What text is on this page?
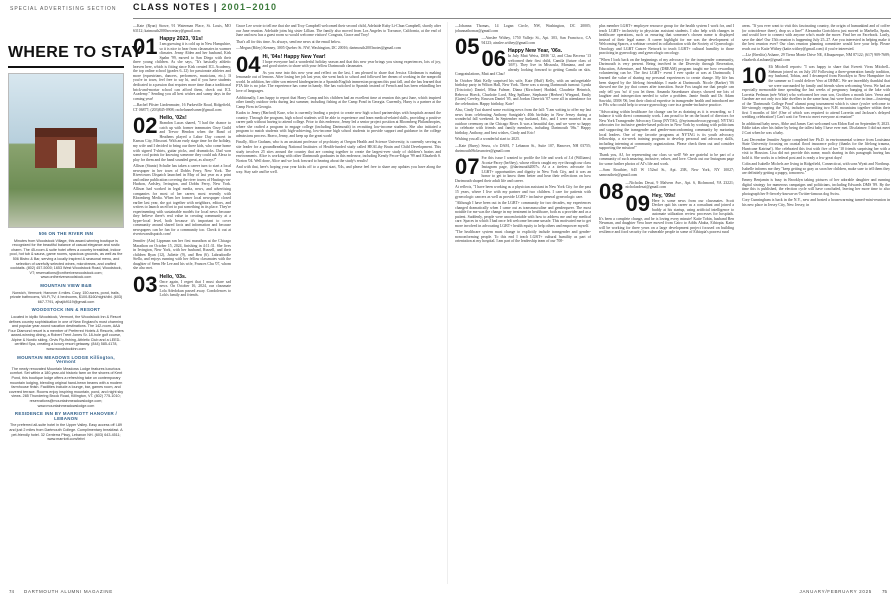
SPECIAL ADVERTISING SECTION CLASS NOTES | 2001–2010
WHERE TO STAY
506 ON THE RIVER INN
Minutes from Woodstock Village, this award-winning boutique is recognized for the beautiful balance of casual elegance and rustic charm. The 45-room & suite hotel offers a country breakfast, indoor pool, hot tub & sauna, game rooms, spacious grounds, as well as the 506 Bistro & Bar, serving a locally inspired & seasonal menu, and selection of carefully selected wines, microbrews, and crafted cocktails. (802) 457-5000; 1653 West Woodstock Road, Woodstock, VT; reservations@ontheriverwoodstock.com; www.ontheriverwoodstock.com
MOUNTAIN VIEW B&B
Norwich, Vermont; Hanover 4 miles. Cozy, 150 acres, pond, trails, private bathrooms, Wi-Fi,TV, 4 bedrooms, $100-$160/night/dbl. (603) 667-7791, ajhajik9119@gmail.com
WOODSTOCK INN & RESORT
Located in idyllic Woodstock, Vermont, the Woodstock Inn & Resort defines country sophistication in one of New England's most charming and popular year-round vacation destinations. The 142-room, AAA Four Diamond resort is a member of Preferred Hotels & Resorts, offers award-winning dining, a Robert Trent Jones Sr. 18-hole golf course, Alpine & Nordic skiing, Orvis Fly-fishing, Athletic Club and a LEED-certified Spa, creating a luxury resort getaway. (844) 585-4178, www.woodstockinn.com
MOUNTAIN MEADOWS LODGE Killington, Vermont
The newly renovated Mountain Meadows Lodge features luxurious comfort. Set within a 180-year-old historic farm on the shores of Kent Pond, this boutique lodge offers a refreshing take on contemporary mountain lodging, blending original hand-hewn beams with a modern farmhouse finish. Facilities include a lounge, bar, games room, and covered terrace. Rooms enjoy inspiring mountain, pond, and night sky views. 285 Thundering Brook Road, Killington, VT. (802) 775-1010; reservations@mountainmeadowslodge.com; www.mountainmeadowslodge.com
RESIDENCE INN BY MARRIOTT HANOVER / LEBANON
The preferred all-suite hotel in the Upper Valley. Easy access off I-89 and just 2 miles from Dartmouth College. Complimentary breakfast. A pet-friendly hotel. 32 Centerra Pkwy, Lebanon NH. (603) 643-4511; www.marriott.com/lebri

—Kate (Ryan) Stowe, 91 Waterman Place, St. Louis, MO 63112; katmouth2000secretary@gmail.com

01 Happy 2023, '01s!

I am guessing it is cold up in New Hampshire, so it is nice to hear from classmates in warmer climates. Jenny Alden and her husband, Kirk Spahn '99, moved to San Diego with their three young children. As she says, "It's basically athletic heaven here, which is fitting since Kirk created ICL Academy, the top online school (grades 6–12) for passionate athletes and more (equestrians, dancers, performers, musicians, etc.). If you're in town, feel free to say hi, and if you have students dedicated to a passion that requires more time than a traditional brick-and-mortar school can afford them, check out ICL Academy." Sending you all best wishes and sunny days in the coming year!

—Rachel Pfister Lindenmaier, 16 Parkeville Road, Ridgefield, CT 06877; (203)845-0908; rachelannelsoner@gmail.com

02 Hello, '02s!

Brandon Lucas shared, "I had the chance to catch up with former teammates Ozzy Guild and Trevor Hendon when the Band of Heathens played a Labor Day concert in Kansas City, Missouri. With an early stage time for the holiday, my wife and I decided to bring our three kids, who come home with signed T-shirts, guitar picks, and drumsticks. Dad won some cool points for knowing someone they could ask Alexa to play for them and the band sounded great, as always!"

Allison (Stuntz) Schulte has taken a career turn to start a local newspaper in her town of Dobbs Ferry, New York. The Rivertowns Dispatch launched in May of last year as a print and online publication covering the river towns of Hastings-on-Hudson, Ardsley, Irvington, and Dobbs Ferry, New York. Allison had worked in legal media, news, and advertising companies for most of her career, most recently with Bloomberg Media. When her former local newspaper closed earlier last year, she got together with neighbors, editors, and writers to launch an effort to put something in its place. They're experimenting with sustainable models for local news because they believe there's real value in creating community at a hyper-local level, both because it's important to cover community around shared facts and information and because newspapers can be fun for a community too. Check it out at rivertownsdispatch.com!

Jennifer (Ain) Lippman ran her first marathon at the Chicago Marathon on October 15, 2024, finishing in 4:11:31. She lives in Irvington, New York, with her husband, Russell, and their children Ryan (12), Juliette (9), and Ben (6). Labradoodle Stella, and enjoys running with her fellow classmates with the daughter of Seem He Lee and his wife, Frances Chu '07, whom she also met.

03 Hello, '03s.

Once again, I regret that I must share sad news. On October 16, 2024, our classmate Lola Adedokun passed away. Condolences to Lola's family and friends.

Grace Lee wrote to tell me that she and Troy Campbell welcomed their second child, Adelaide Ruby Li-Chun Campbell, shortly after our June reunion. Adelaide joins big sister Lillian. The family also moved from Los Angeles to Torrance, California, at the end of June and now has a guest room so would welcome visitors! Congrats, Grace and Troy!

That's all for this time. As always, send me news at the email below.

—Megan (Riley) Kenney, 3005 Quebec St. NW, Washington, DC 20016; dartmouth2003notes@gmail.com

04 Hi, '04s! Happy New Year!

I hope everyone had a wonderful holiday season and that this new year brings you strong experiences, lots of joy, and good stories to share with your fellow Dartmouth classmates.

As you ease into this new year and reflect on the last, I am pleased to share that Jessica Glodzman is making lemonade out of lemons. After losing her job last year, she went back to school and followed her dream of working in the nonprofit world. In addition, her older son entered kindergarten in a Spanish/English immersion program this past fall, and she has learned that PTA life is no joke. The experience has come in handy. She has switched to Spanish instead of French and has been rekindling her love of languages.

Additionally, I am happy to report that Harry Camp and his children had an excellent time at reunion this past June, which inspired other family outdoor treks during last summer, including fishing at the Camp Pond in Georgia. Currently, Harry is a partner at the Camp Firm in Georgia.

Kudos to Jenny (Harford) Kase, who is currently leading a project to create new high school partnerships with hospitals around the country. Through the program, high school students will be able to experience and learn medical-related skills, providing a positive career path without having to attend college. Prior to this endeavor, Jenny led a senior project position at Bloomberg Philanthropies, where she crafted a program to engage college (including Dartmouth) in recruiting low-income students. She also initiated a program to match students with high-achieving, low-income high school students to provide support and guidance in the college admissions process. Bravo, Jenny, and keep up the great work!

Finally, Alice Graham, who is an assistant professor of psychiatry at Oregon Health and Science University, is currently serving as site leader for a groundbreaking National Institutes of Health-funded study called HEALthy Brain and Child Development. This study involves 25 sites around the country that are coming together to create the largest-ever study of children's brains and environments. Alice is working with other Dartmouth graduates in this endeavor, including Kendy Pecoe-Edgar '99 and Elizabeth S. Norton '04. Well done, Alice and we look forward to hearing about the study's results!

And with that, here's hoping your year kicks off to a great start, '04s, and please feel free to share any updates you have along the way. Stay safe and be well.

—Johanna Thomas, 14 Logan Circle, NW, Washington, DC 20005; johannathomas@gmail.com

05 —Ainslee Withey, 1750 Vallejo St., Apt. 303, San Francisco, CA 94123; ainslee.withey@gmail.com

06 Happy New Year, '06s.

In July Matt Weiss, DMS '12, and Clau Becerra '13 welcomed their first child, Camila (future class of '46?!). They live in Missoula, Montana, and are already looking forward to getting Camila on skis. Congratulations, Matt and Clau!

In October Matt Kelly surprised his wife, Kate (Huff) Kelly, with an unforgettable birthday party in Wilton Hall, New York. There was a strong Dartmouth turnout: Lynda (Trisciotto) Daniel, Mina Fulmer, Diana (Kirschner) Haddad, Claudette Heinrich, Rebecca Hoeck, Charlotte Lord, Meg Spillane, Stephanie (Herbert) Wiegand, Emily (Gates) Creeley, Rawson Daniel '05, and Jordan Cherrick '07 were all in attendance for the celebration. Happy birthday, Kate!

Also, Cindy Tsai shared some exciting news from the fall: "I am writing to offer my last news from celebrating Anthony Sanigiale's 40th birthday in New Jersey during a wonderful fall weekend. In September my husband, Eric, and I were married in an outdoor ceremony on the Chicago River. It was a beautiful day, and we were so happy to celebrate with friends and family members, including Dartmouth '06s." Happy birthday, Anthony, and best wishes, Cindy and Eric!

Wishing you all a wonderful start to 2025.

—Kate (Barry) Seuss, c/o DAM, 7 Lebanon St., Suite 107, Hanover, NH 03755; dartmouth06classnotes@gmail.com

07 For this issue I wanted to profile the life and work of J.d (Williams) Acosta-Pacey (he/they), whose efforts caught my eye through our class Instagram page, @dartmouth2007s. At a a tireless advocate for LGBT+ opportunities and dignity in New York City, and it was an honor to get to know them better and hear their reflections on how Dartmouth shaped their adult life and career.

At reflects, "I have been working as a physician assistant in New York City for the past 15 years, where I live with my partner and two children. I care for patients with gynecologic cancers as well as provide LGBT+ inclusive general gynecologic care.

"Although I have been out in the LGBT+ community for two decades, my experiences changed dramatically when I came out as transmasculine and genderqueer. The most notable for me was the change in my treatment in healthcare, both as a provider and as a patient. Suddenly, people were uncomfortable with how to address me and my medical care. Spaces in which I had once felt welcome became unsafe. This motivated me to get more involved in advocating LGBT+ health equity to help others and empower myself.

"The healthcare system must change to explicitly include transgender and gender-nonconforming people. To this end I teach LGBT+ cultural humility as part of orientation at my hospital. I am part of the leadership team of our 700-

plus member LGBT+ employee resource group for the health system I work for, and I teach LGBT+ inclusivity to physician assistant students. I also help with changes in healthcare operations, such as ensuring that someone's chosen name is displayed instead of their legal name. A career highlight for me was the development of Welcoming Spaces, a webinar created in collaboration with the Society of Gynecologic Oncology and LGBT Cancer Network to teach LGBT+ cultural humility to those practicing in gynecology and gynecologic oncology.

"When I look back on the beginnings of my advocacy for the transgender community, Dartmouth is very present. Being involved in the Diversity through Recreation, Education, Adventure, and Mentoring (DREAM) program taught me how rewarding volunteering can be. The first LGBT+ event I ever spoke at was at Dartmouth; I learned the value of sharing my personal experiences to create change. My life has been shaped by the lifelong friendships I made at Dartmouth. Nicole (Barker) '06 showed me the joy that comes after transition. Susie Fox taught me that people can only tell you 'no' if you let them. Amanda Sasenbauer always showed me lots of laughter and introspection needed to solve a problem. Jamie Smith and Dr. Adam Sawicki, DMS '06, lent their clinical expertise in transgender health and introduced me to PAs who could help to secure gynecology care in a gender-inclusive practice.

"Advocating within healthcare for change can be as draining as it is rewarding, so I balance it with direct community work. I am proud to be on the board of directors for New York Transgender Advocacy Group (NYTAG, @nytransadvocacygroup). NYTAG advocates for inclusive gender-based policies in New York by working with politicians and supporting the transgender and gender-nonconforming community by nurturing local leaders. One of my favorite programs at NYTAG is its youth advocacy fellowship, a six-week training program to develop personal and advocacy skills, including interning at community organizations. Please check them out and consider supporting the mission!"

Thank you, AJ, for representing our class so well! We are grateful to be part of a community of such amazing, inclusive, values, and love. Check out our Instagram page for some further photos of AJ's life and work.

—Sam Routhier, 645 W 152nd St., Apt. 25B, New York, NY 10027; samroutheir@gmail.com

08 —Nicholas Desai, 9 Malvern Ave., Apt. 6, Richmond, VA 23221; nicholasdesai@gmail.com

09 Hey, '09s!

Here is some news from our classmates. Scott Decker quit his career as a consultant and joined a buddy at his startup, using artificial intelligence to automate utilization review processes for hospitals. It's been a complete change, and he is loving every minute! Katie Tobin, husband Ben Newman, and daughter Vera have moved from Cairo to Addis Ababa, Ethiopia. Katie will be working for three years on a large development project focused on building resilience and food security for vulnerable people in some of Ethiopia's poorest rural

areas. "If you ever want to visit this fascinating country, the origin of humankind and of coffee (or coincidence there), drop us a line!" Alexandra Gortchlova just moved to Marbella, Spain, and would love to connect with anyone who's made the move. Find her on Facebook. Lastly, save the date! Our 15th reunion is happening July 25–27. Are you interested in helping make it the best reunion ever? Our class reunion planning committee would love your help. Please reach out to Katie Withey (katie.withey@gmail.com) if you're interested.

—Liz (Breslitz) Ashane, 29 Tierra Monte Drive NE, Albuquerque, NM 87122; (617) 909-7689; elizabeth.d.ashane@gmail.com

10 Eli Mitchell reports: "I was happy to share that Everett Vivas Mitchell–Siebman joined us on July 26! Following a three-generation family tradition, my husband, Tobias, and I decamped from Brooklyn to New Hampshire for the summer so I could deliver Vero at DHMC. We are incredibly thankful that we were surrounded by family and friends when welcoming Veera. We had an especially memorable time spending the last weeks of pregnancy hanging at the lake with Lorretta Perlman (née Witte) who welcomed her own son, Gwithen a month later. Veera and Gardner are not only two lake dwellers in the same hour, but were born close in time—fostering of the 'Dartmouth College Pond' alumni pong tournament which is since (you're welcome to life-strongly repping the '10s), includes summiting two N.H. mountains together within their first 3 months of life! (One of which was required to attend Lorretta and Jackson's delayed wedding celebration!) Can't wait for Veera to meet everyone at reunion!"

In additional baby news, Abbe and James Cart welcomed son Eldon Earl on September 8, 2023. Eddie takes after his father by being the tallest baby I have ever met. Disclaimer: I did not meet J.Cart when he was a baby.

Last December Jennifer Argote completed her Ph.D. in environmental science from Louisiana State University focusing on coastal flood insurance policy (thanks for the lifelong trauma, Hurricane Katrina!). She celebrated this feat with five of her '10 friends surprising her with a visit to Houston. Lisa did not provide this name, much sharing in this paragraph having has hold it. She works in a federal post and is ready a few great days!

Colin and Isabelle Michels are living in Ridgefield, Connecticut, with sons Wyatt and Northrup. Isabelle informs me they "keep getting so gray as soon her children, make sure to tell them they are definitely getting a puppy, tomorrow."

Emmy Benjamin is busy in Brooklyn taking pictures of her adorable daughter and running digital strategy for numerous campaigns and politicians, including Edwards DMS '89. By the time this is published, the election cycle will have concluded, leaving her more time to also photograph her 8-fiercely-known-as-Twitter-famous dog Swiss.

Cory Cunningham is back in the N.Y., new and hosted a housewarming turned-mini-reunion in his new place in Jersey City, New Jersey, in

74 DARTMOUTH ALUMNI MAGAZINE	JANUARY/FEBRUARY 2025 75
